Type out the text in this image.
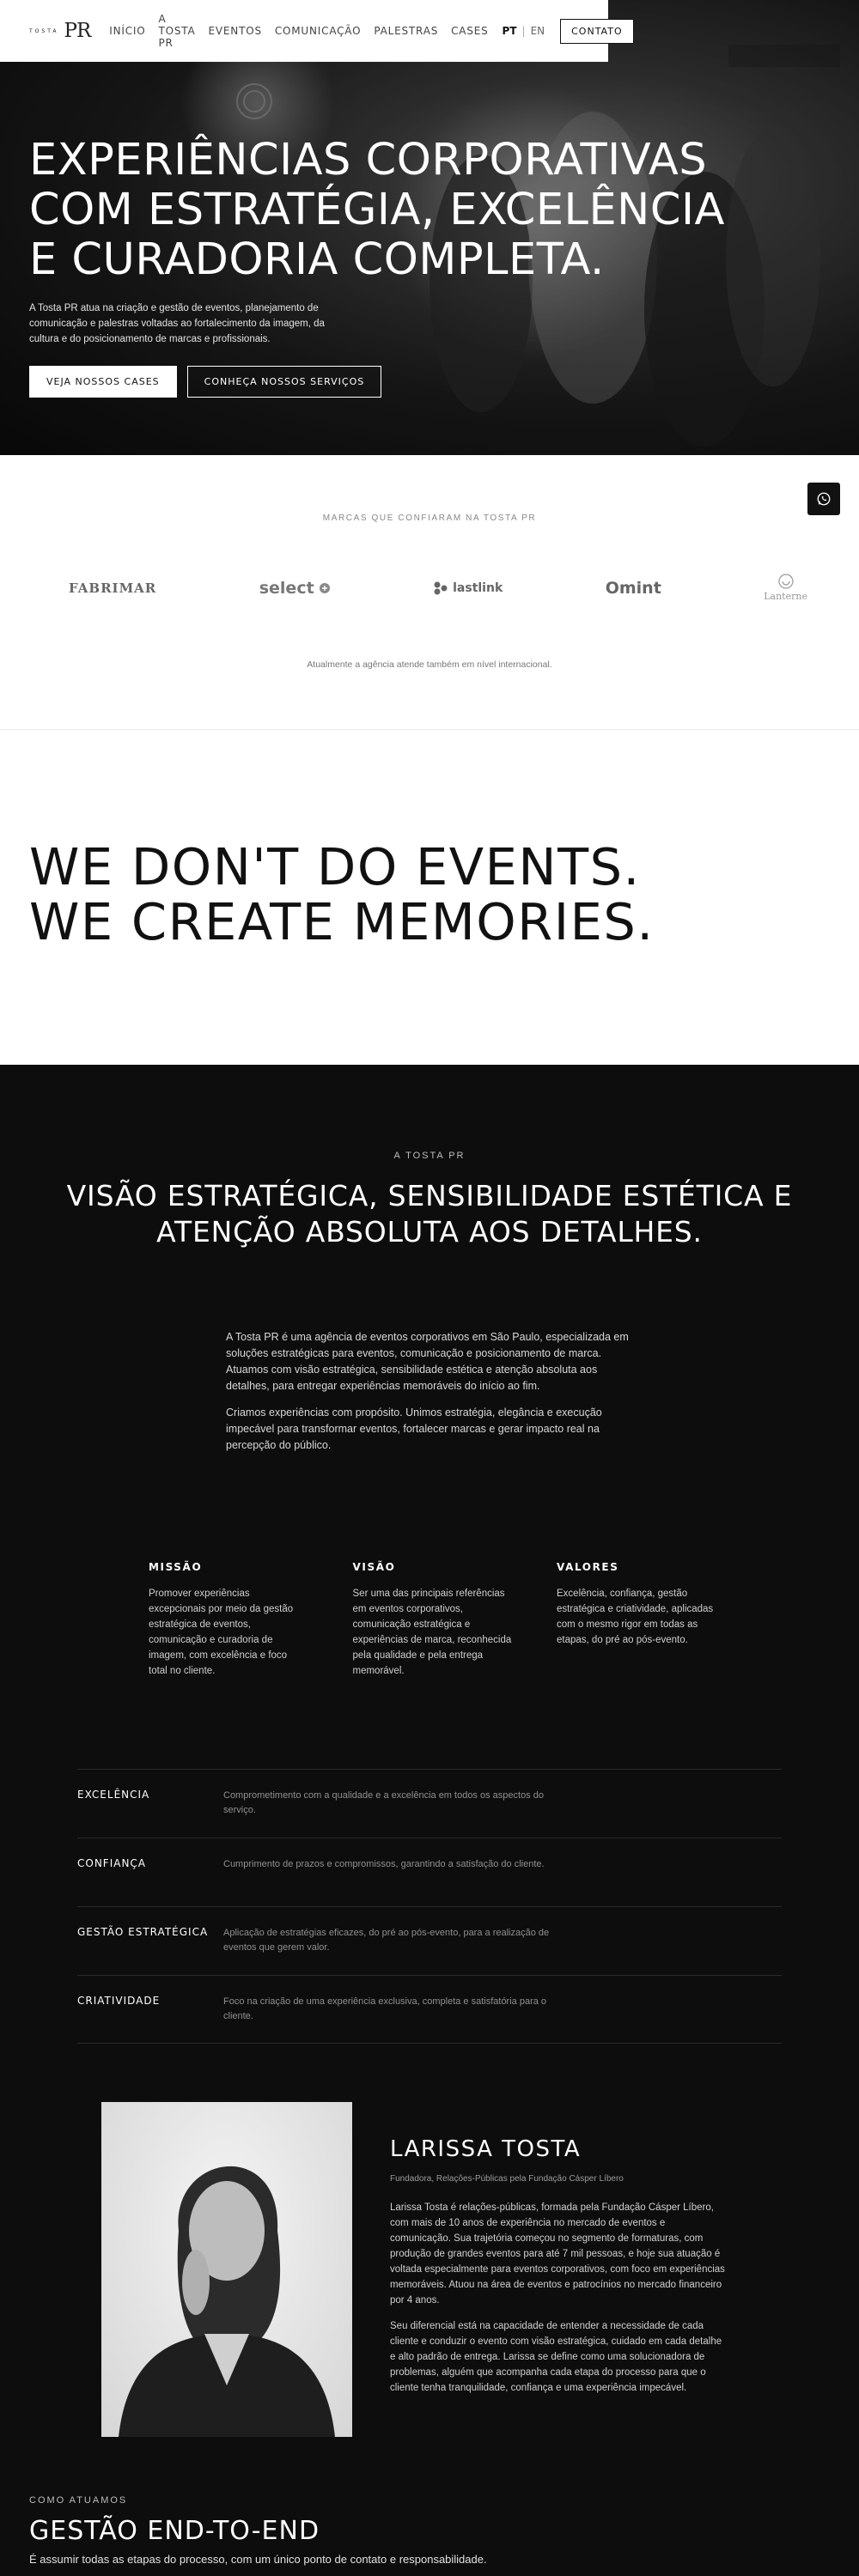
EXPERIÊNCIAS CORPORATIVAS COM ESTRATÉGIA, EXCELÊNCIA E CURADORIA COMPLETA.

A Tosta PR atua na criação e gestão de eventos, planejamento de comunicação e palestras voltadas ao fortalecimento da imagem, da cultura e do posicionamento de marcas e profissionais.

VEJA NOSSOS CASES	CONHEÇA NOSSOS SERVIÇOS
TOSTA PR INÍCIO
A TOSTA PR
EVENTOS COMUNICAÇÃO PALESTRAS CASES PT | EN	CONTATO

MARCAS QUE CONFIARAM NA TOSTA PR

FABRIMAR	select	lastlink	Omint	Lanterne

Atualmente a agência atende também em nível internacional.

WE DON'T DO EVENTS.
WE CREATE MEMORIES.

A TOSTA PR

VISÃO ESTRATÉGICA, SENSIBILIDADE ESTÉTICA E ATENÇÃO ABSOLUTA AOS DETALHES.

A Tosta PR é uma agência de eventos corporativos em São Paulo, especializada em soluções estratégicas para eventos, comunicação e posicionamento de marca. Atuamos com visão estratégica, sensibilidade estética e atenção absoluta aos detalhes, para entregar experiências memoráveis do início ao fim.

Criamos experiências com propósito. Unimos estratégia, elegância e execução impecável para transformar eventos, fortalecer marcas e gerar impacto real na percepção do público.

MISSÃO

Promover experiências excepcionais por meio da gestão estratégica de eventos, comunicação e curadoria de imagem, com excelência e foco total no cliente.

VISÃO

Ser uma das principais referências em eventos corporativos, comunicação estratégica e experiências de marca, reconhecida pela qualidade e pela entrega memorável.

VALORES

Excelência, confiança, gestão estratégica e criatividade, aplicadas com o mesmo rigor em todas as etapas, do pré ao pós-evento.

EXCELÊNCIA	Comprometimento com a qualidade e a excelência em todos os aspectos do serviço.
CONFIANÇA	Cumprimento de prazos e compromissos, garantindo a satisfação do cliente.
GESTÃO ESTRATÉGICA	Aplicação de estratégias eficazes, do pré ao pós-evento, para a realização de eventos que gerem valor.
CRIATIVIDADE	Foco na criação de uma experiência exclusiva, completa e satisfatória para o cliente.
LARISSA TOSTA

Fundadora, Relações-Públicas pela Fundação Cásper Líbero

Larissa Tosta é relações-públicas, formada pela Fundação Cásper Líbero, com mais de 10 anos de experiência no mercado de eventos e comunicação. Sua trajetória começou no segmento de formaturas, com produção de grandes eventos para até 7 mil pessoas, e hoje sua atuação é voltada especialmente para eventos corporativos, com foco em experiências memoráveis. Atuou na área de eventos e patrocínios no mercado financeiro por 4 anos.

Seu diferencial está na capacidade de entender a necessidade de cada cliente e conduzir o evento com visão estratégica, cuidado em cada detalhe e alto padrão de entrega. Larissa se define como uma solucionadora de problemas, alguém que acompanha cada etapa do processo para que o cliente tenha tranquilidade, confiança e uma experiência impecável.

COMO ATUAMOS

GESTÃO END-TO-END

É assumir todas as etapas do processo, com um único ponto de contato e responsabilidade.
